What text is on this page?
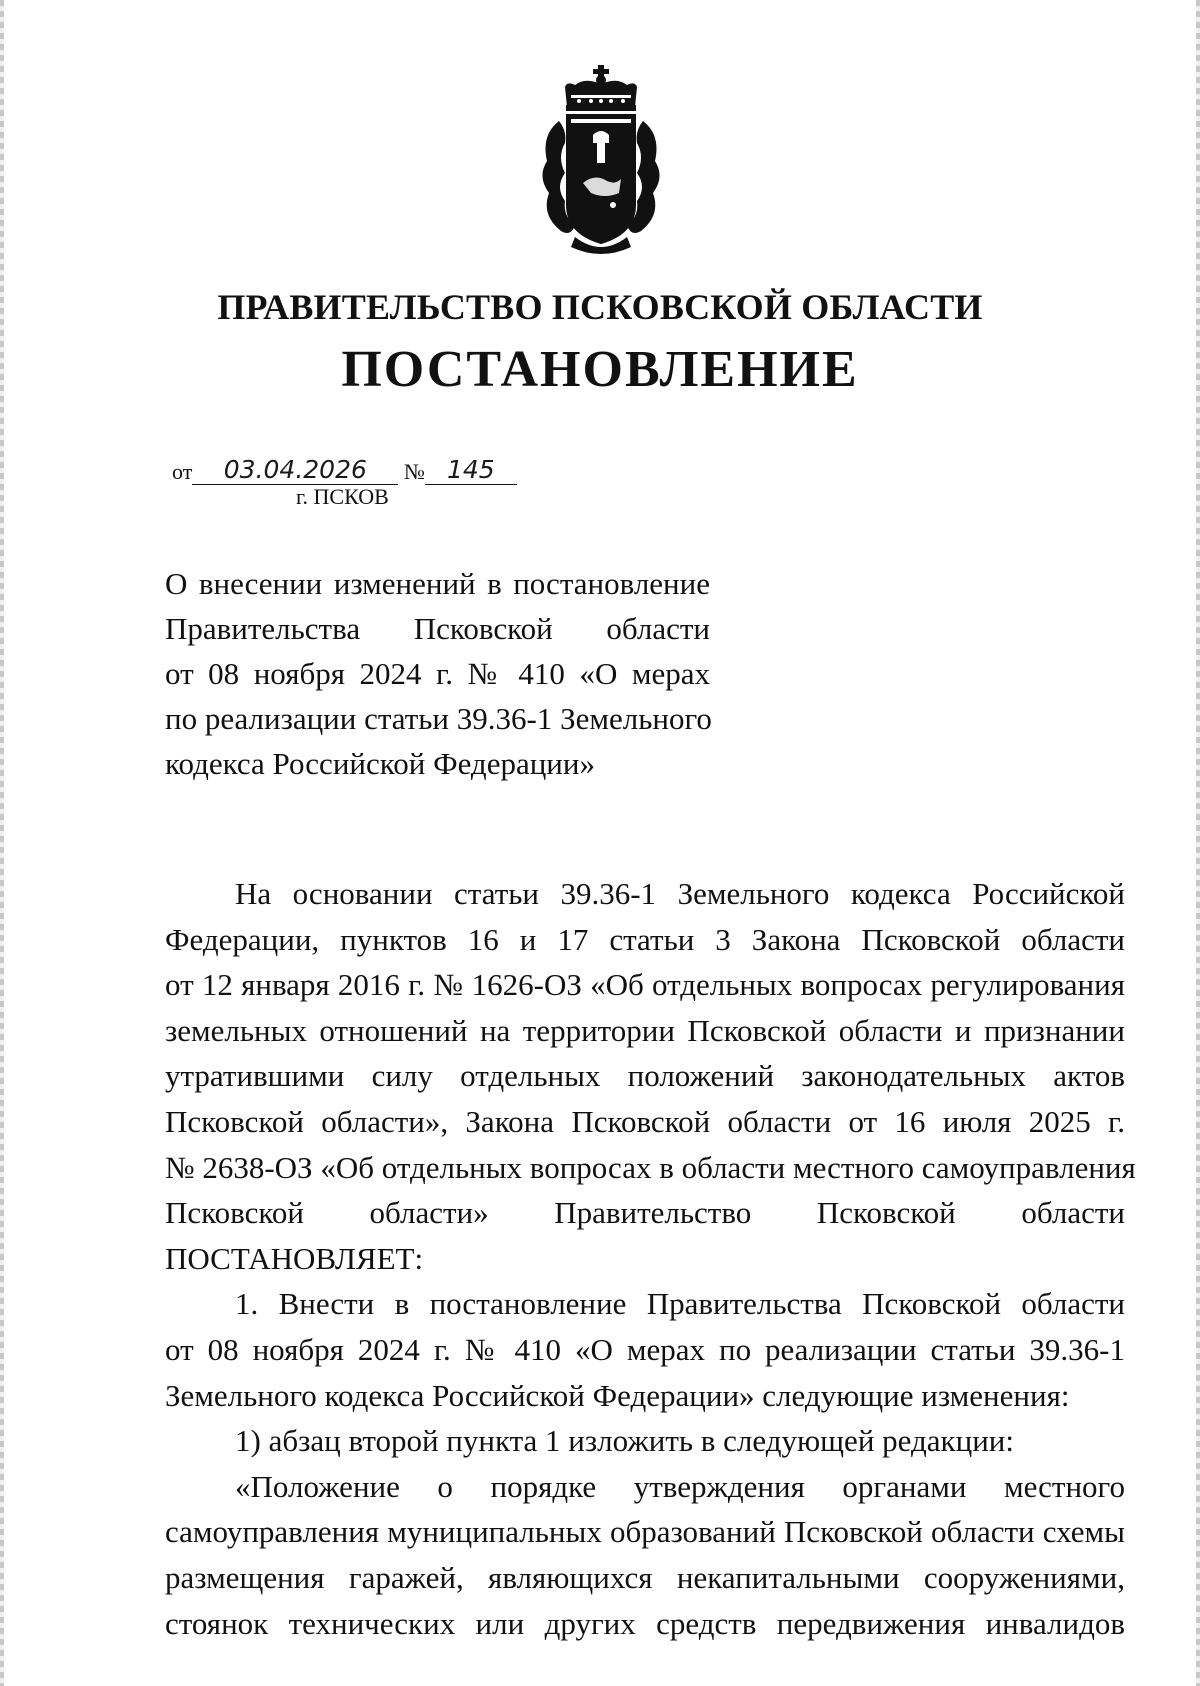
ПРАВИТЕЛЬСТВО ПСКОВСКОЙ ОБЛАСТИ
ПОСТАНОВЛЕНИЕ
от 03.04.2026 № 145
г. ПСКОВ
О внесении изменений в постановление
Правительства Псковской области
от 08 ноября 2024 г. № 410 «О мерах
по реализации статьи 39.36-1 Земельного
кодекса Российской Федерации»
На основании статьи 39.36-1 Земельного кодекса Российской
Федерации, пунктов 16 и 17 статьи 3 Закона Псковской области
от 12 января 2016 г. № 1626-ОЗ «Об отдельных вопросах регулирования
земельных отношений на территории Псковской области и признании
утратившими силу отдельных положений законодательных актов
Псковской области», Закона Псковской области от 16 июля 2025 г.
№ 2638-ОЗ «Об отдельных вопросах в области местного самоуправления
Псковской области» Правительство Псковской области
ПОСТАНОВЛЯЕТ:
1. Внести в постановление Правительства Псковской области
от 08 ноября 2024 г. № 410 «О мерах по реализации статьи 39.36-1
Земельного кодекса Российской Федерации» следующие изменения:
1) абзац второй пункта 1 изложить в следующей редакции:
«Положение о порядке утверждения органами местного
самоуправления муниципальных образований Псковской области схемы
размещения гаражей, являющихся некапитальными сооружениями,
стоянок технических или других средств передвижения инвалидов
